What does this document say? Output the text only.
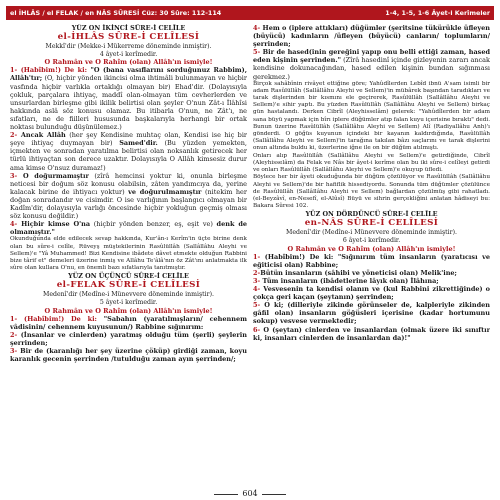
el İHLÂS / el FELAK / en NÂS SÛRESİ Cüz: 30 Sûre: 112-114	1-4, 1-5, 1-6 Âyet-i Kerîmeler

YÜZ ON İKİNCİ SÛRE-İ CELÎLE

el-İHLÂS SÛRE-İ CELÎLESİ

Mekkî'dir (Mekke-i Mükerreme döneminde inmiştir).

4 âyet-i kerîmedir.

O Rahmân ve O Rahîm (olan) Allâh'ın ismiyle!

1- (Habîbim!) De ki: "O (bana vasıflarını sorduğunuz Rabbim), Allâh'tır; (O, hiçbir yönden ikincisi olma ihtimâli bulunmayan ve hiçbir vasfında hiçbir varlıkla ortaklığı olmayan bir) Ehad'dir. (Dolayısıyla çokluk, parçalara ihtiyaç, maddî olan-olmayan tüm cevherlerden ve unsurlardan birleşme gibi ikilik belirtisi olan şeyler O'nun Zât-ı İlâhîsi hakkında aslâ söz konusu olamaz. Bu itibarla O'nun, ne Zât'ı, ne sıfatları, ne de fiilleri hususunda başkalarıyla herhangi bir ortak noktası bulunduğu düşünülemez.)

2- Ancak Allâh (her şey Kendisine muhtaç olan, Kendisi ise hiç bir şeye ihtiyaç duymayan bir) Samed'dir. (Bu yüzden yemekten, içmekten ve sonradan yaratılma belirtisi olan noksanlık getirecek her türlü ihtiyaçtan son derece uzaktır. Dolayısıyla O Allâh kimsesiz durur ama kimse O'nsuz duramaz!)

3- O doğurmamıştır (zîrâ hemcinsi yoktur ki, onunla birleşme neticesi bir doğum söz konusu olabilsin, zâten yandımcıya da, yerine kalacak birine de ihtiyacı yoktur) ve doğurulmamıştır (nitekim her doğan sonradandır ve cisimdir. O ise varlığının başlangıcı olmayan bir Kadîm'dir, dolayısıyla varlığı öncesinde hiçbir yokluğun geçmiş olması söz konusu değildir.)

4- Hiçbir kimse O'na (hiçbir yönden benzer, eş, eşit ve) denk de olmamıştır."

Okunduğunda elde edilecek sevap hakkında, Kur'ân-ı Kerîm'in üçte birine denk olan bu sûre-i celîle, Rüveyş müştekilerinin Rasûlüllâh (Sallâllâhu Aleyhi ve Sellem)'e "Yâ Muhammed! Bizi Kendisine ibâdete dâvet etmekte olduğun Rabbini bize târif et" demeleri üzerine inmiş ve Allâhu Te'âlâ'nın öz Zât'ını anlatmakta ilk sûre olan kullara O'nu, en önemli bazı sıfatlarıyla tanıtmıştır.

YÜZ ON ÜÇÜNCÜ SÛRE-İ CELÎLE

el-FELAK SÛRE-İ CELÎLESİ

Medenî'dir (Medîne-i Münevvere döneminde inmiştir).

5 âyet-i kerîmedir.

O Rahmân ve O Rahîm (olan) Allâh'ın ismiyle!

1- (Habîbim!) De ki: "Sabahın (yaratılmışların/ cehennem vâdisinin/ cehennem kuyusunun/) Rabbine sığınırım:

2- (İnsanlar ve cinlerden) yaratmış olduğu tüm (şerli) şeylerin şerrinden;

3- Bir de (karanlığı her şey üzerine çöküp) girdiği zaman, koyu karanlık gecenin şerrinden /tutulduğu zaman ayın şerrinden/;

4- Hem o (iplere attıkları) düğümler (şeritsine tükürükle üfleyen (büyücü) kadınların /üfleyen (büyücü) canların/ toplumların/ şerrinden;

5- Bir de hased(inin gereğini yapıp onu belli ettiği zaman, hased eden kişinin şerrinden." (Zîrâ hasedinî içinde gizleyenin zararı ancak kendisine dokunacağından, hased edilen kişinin bundan sığınması gerekmez.)

Birçok sahâbînin rivâyet ettiğine göre; Yahûdîlerden Lebîd ibnü A'sam isimli bir adam Rasûlüllâh (Sallâllâhu Aleyhi ve Sellem)'in mübârek başından taradıkları ve tarak dişlerinden bir kısmını ele geçirerek, Rasûlüllâh (Sallâllâhu Aleyhi ve Sellem)'e sihir yaptı. Bu yüzden Rasûlüllâh (Sallâllâhu Aleyhi ve Sellem) birkaç gün hastalandı. Derken Cibrîl (Aleyhisselâm) gelerek: "Yahûdîlerden bir adam sana büyü yapmak için bîrı iplere düğümler atıp falan kuyu içerisine bıraktı" dedi. Bunun üzerine Rasûlüllâh (Sallâllâhu Aleyhi ve Sellem) Alî (Radiyallâhu Anh)'ı gönderdi. O göğüs kuyunun içindeki bir kayanın kaldırdığında, Rasûlüllâh (Sallâllâhu Aleyhi ve Sellem)'in tarağına takılan bâzı saçlarını ve tarak dişlerini onun altında buldu ki, üzerlerine iğne ile on bir düğüm atılmıştı.

Onları alıp Rasûlüllâh (Sallâllâhu Aleyhi ve Sellem)'e getirdiğinde, Cibrîl (Aleyhisselâm) da Felak ve Nâs bir âyet-i kerîme olan bu iki sûre-i celîleyi getirdi ve onları Rasûlüllâh (Sallâllâhu Aleyhi ve Sellem)'e okuyup üfledi.

Böylece her bir âyeti okuduğunda bir düğüm çözülüyor ve Rasûlüllâh (Sallâllâhu Aleyhi ve Sellem)'de bir hafiflik hissediyordu. Sonunda tüm düğümler çözülünce de Rasûlüllâh (Sallâllâhu Aleyhi ve Sellem) bağlardan çözülmüş gibi rahatladı. (el-Beyzâvî, en-Nesefî, el-Alûsî) Büyü ve sihrin gerçekliğini anlatan hâdiseyi bu: Bakara Sûresi 102.

YÜZ ON DÖRDÜNCÜ SÛRE-İ CELÎLE

en-NÂS SÛRE-İ CELÎLESİ

Medenî'dir (Medîne-i Münevvere döneminde inmiştir).

6 âyet-i kerîmedir.

O Rahmân ve O Rahîm (olan) Allâh'ın ismiyle!

1- (Habîbim!) De ki: "Sığınırım tüm insanların (yaratıcısı ve eğiticisi olan) Rabbine;

2-Bütün insanların (sâhibi ve yöneticisi olan) Melik'ine;

3- Tüm insanların (ibâdetlerine lâyık olan) İlâhına;

4- Vesvesenin ta kendisi olanın ve (kul Rabbini zikrettiğinde) o çokça geri kaçan (şeytanın) şerrinden;

5- O ki; (dilleriyle zikinde görünseler de, kalpleriyle zikinden gâfil olan) insanların göğüsleri içerisine (kadar hortumunu sokup) vesvese vermektedir;

6- O (şeytan) cinlerden ve insanlardan (olmak üzere iki sınıftır ki, insanları cinlerden de insanlardan da)!"

604
